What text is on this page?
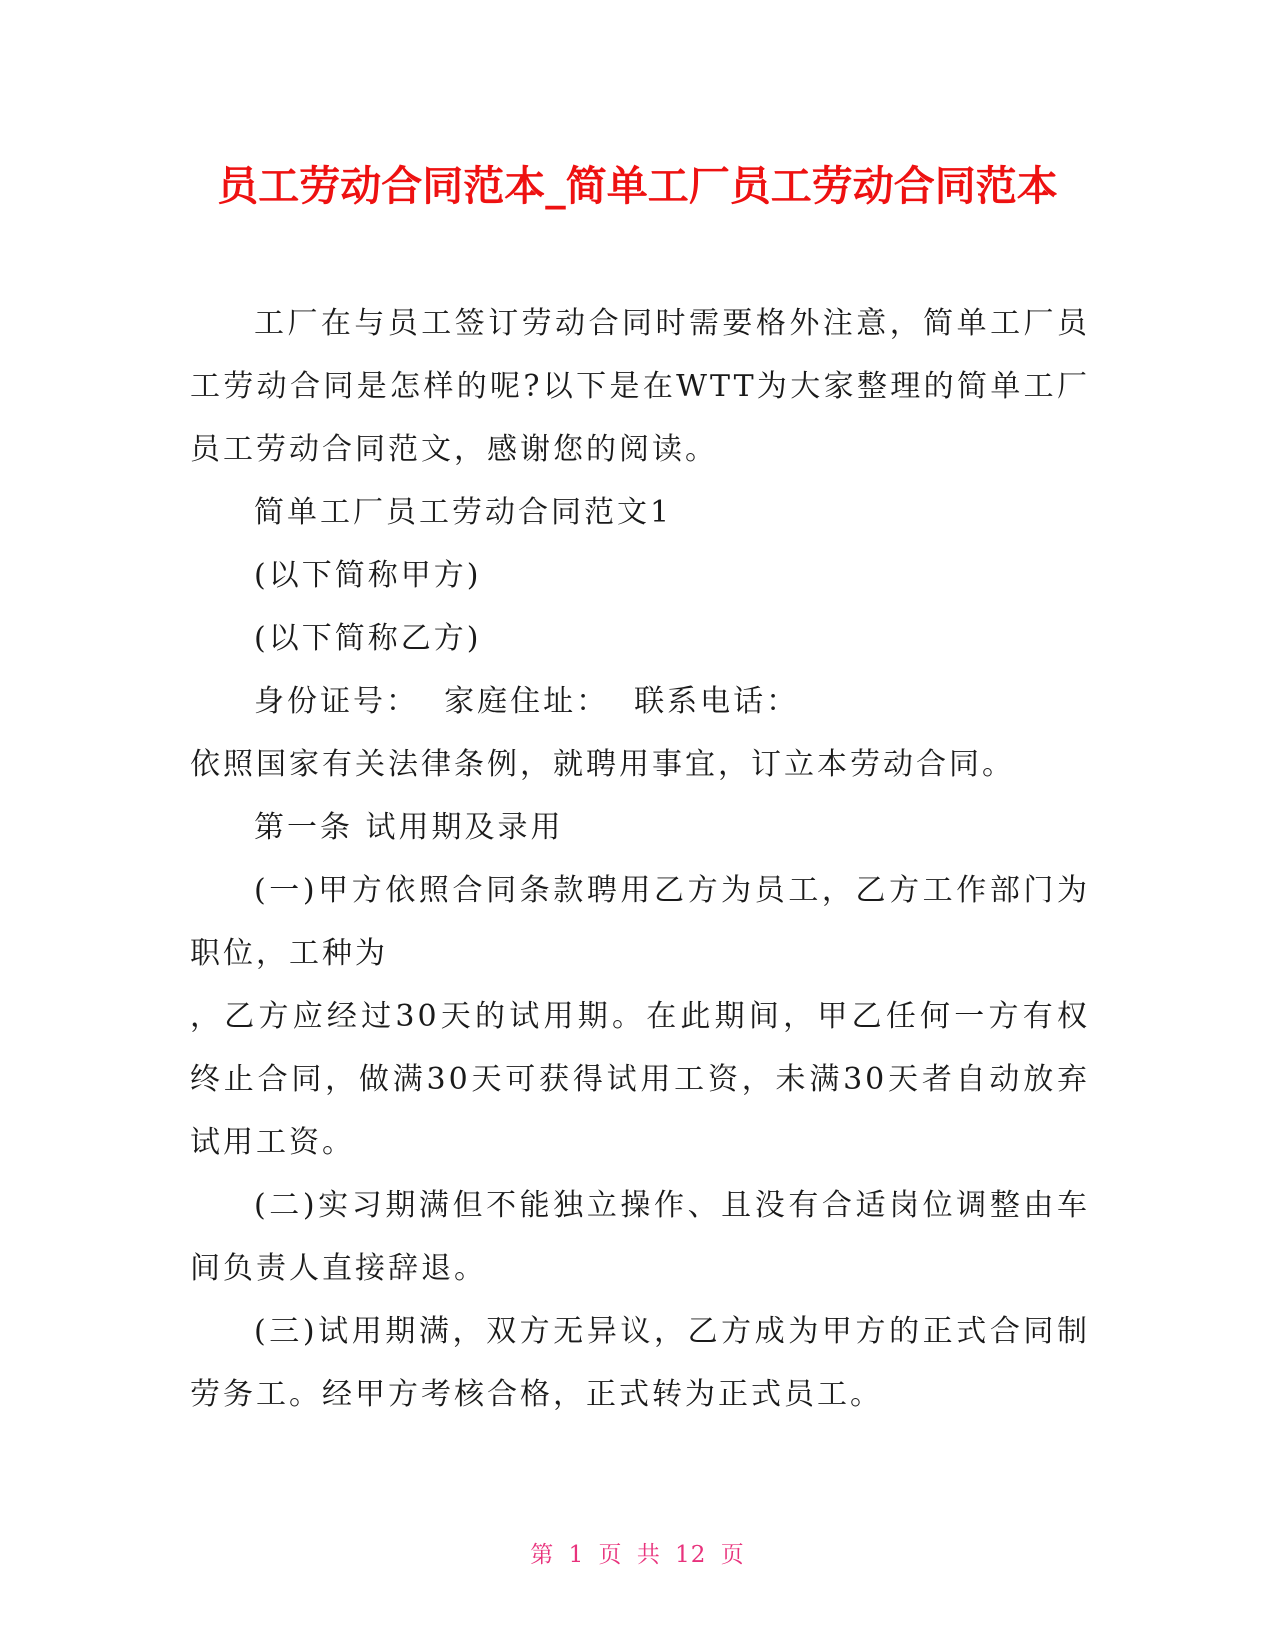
员工劳动合同范本_简单工厂员工劳动合同范本

工厂在与员工签订劳动合同时需要格外注意，简单工厂员工劳动合同是怎样的呢?以下是在WTT为大家整理的简单工厂员工劳动合同范文，感谢您的阅读。

简单工厂员工劳动合同范文1

(以下简称甲方)

(以下简称乙方)

身份证号：  家庭住址：  联系电话：

依照国家有关法律条例，就聘用事宜，订立本劳动合同。

第一条 试用期及录用

(一)甲方依照合同条款聘用乙方为员工，乙方工作部门为职位，工种为

，乙方应经过30天的试用期。在此期间，甲乙任何一方有权终止合同，做满30天可获得试用工资，未满30天者自动放弃试用工资。

(二)实习期满但不能独立操作、且没有合适岗位调整由车间负责人直接辞退。

(三)试用期满，双方无异议，乙方成为甲方的正式合同制劳务工。经甲方考核合格，正式转为正式员工。

第 1 页 共 12 页
